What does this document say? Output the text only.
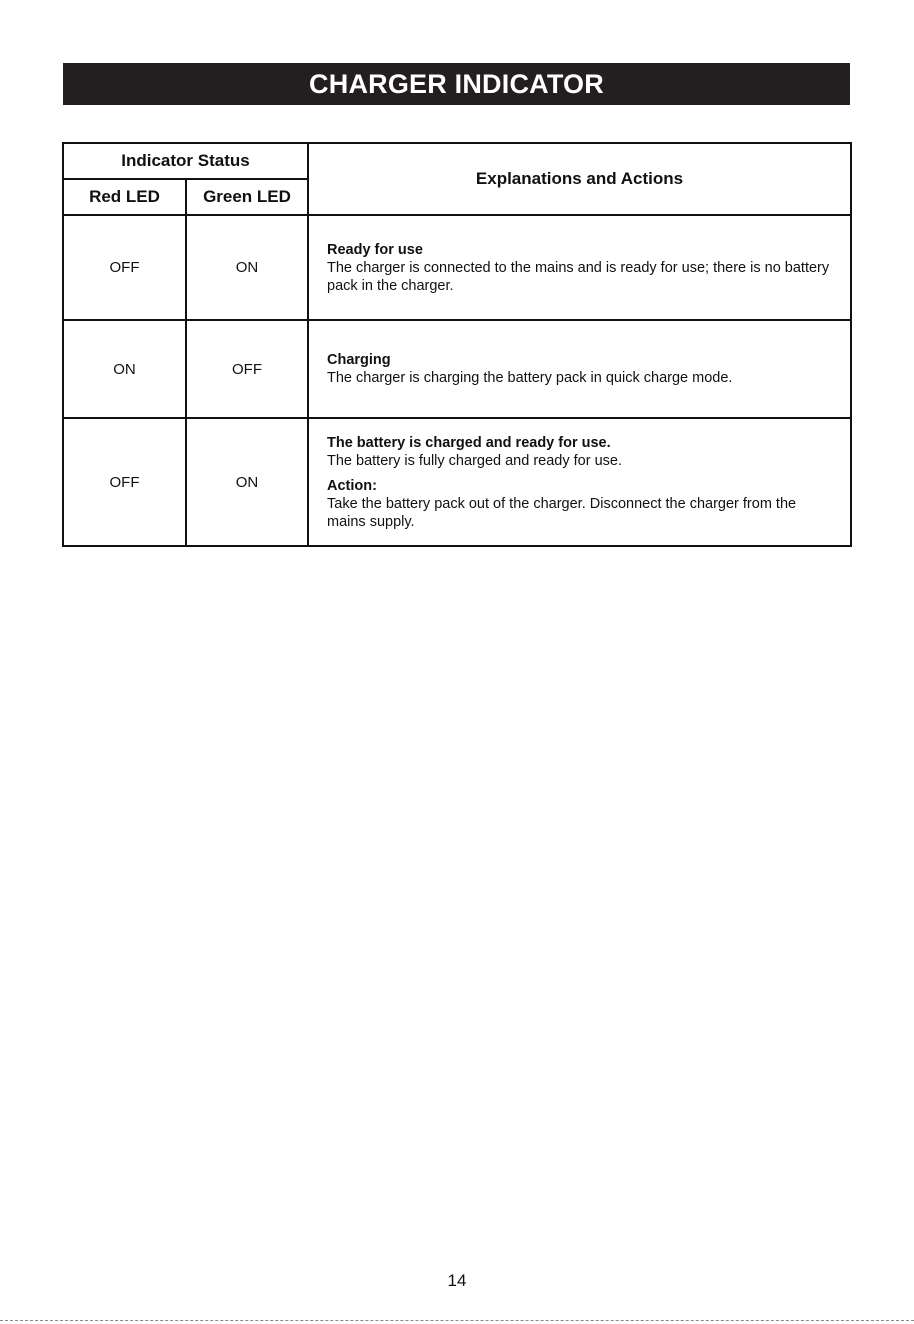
CHARGER INDICATOR
Indicator Status		Explanations and Actions
Red LED	Green LED	
OFF	ON	Ready for use
The charger is connected to the mains and is ready for use; there is no battery pack in the charger.

ON	OFF	Charging
The charger is charging the battery pack in quick charge mode.

OFF	ON	The battery is charged and ready for use.
The battery is fully charged and ready for use.
Action:
Take the battery pack out of the charger. Disconnect the charger from the mains supply.
14
